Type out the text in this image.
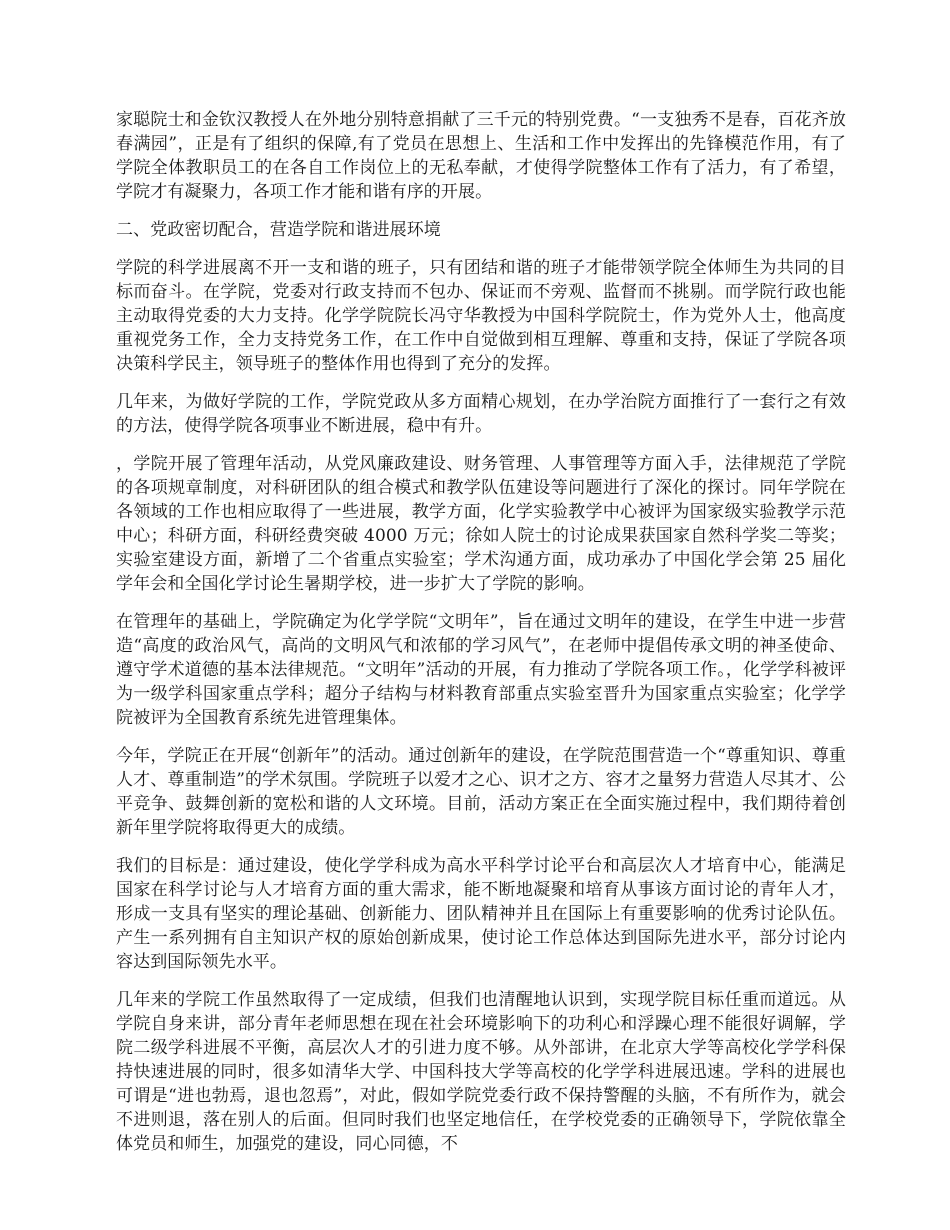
家聪院士和金钦汉教授人在外地分别特意捐献了三千元的特别党费。“一支独秀不是春，百花齐放春满园”，正是有了组织的保障,有了党员在思想上、生活和工作中发挥出的先锋模范作用，有了学院全体教职员工的在各自工作岗位上的无私奉献，才使得学院整体工作有了活力，有了希望，学院才有凝聚力，各项工作才能和谐有序的开展。

二、党政密切配合，营造学院和谐进展环境

学院的科学进展离不开一支和谐的班子，只有团结和谐的班子才能带领学院全体师生为共同的目标而奋斗。在学院，党委对行政支持而不包办、保证而不旁观、监督而不挑剔。而学院行政也能主动取得党委的大力支持。化学学院院长冯守华教授为中国科学院院士，作为党外人士，他高度重视党务工作，全力支持党务工作，在工作中自觉做到相互理解、尊重和支持，保证了学院各项决策科学民主，领导班子的整体作用也得到了充分的发挥。

几年来，为做好学院的工作，学院党政从多方面精心规划，在办学治院方面推行了一套行之有效的方法，使得学院各项事业不断进展，稳中有升。

，学院开展了管理年活动，从党风廉政建设、财务管理、人事管理等方面入手，法律规范了学院的各项规章制度，对科研团队的组合模式和教学队伍建设等问题进行了深化的探讨。同年学院在各领域的工作也相应取得了一些进展，教学方面，化学实验教学中心被评为国家级实验教学示范中心；科研方面，科研经费突破 4000 万元；徐如人院士的讨论成果获国家自然科学奖二等奖；实验室建设方面，新增了二个省重点实验室；学术沟通方面，成功承办了中国化学会第 25 届化学年会和全国化学讨论生暑期学校，进一步扩大了学院的影响。

在管理年的基础上，学院确定为化学学院“文明年”，旨在通过文明年的建设，在学生中进一步营造“高度的政治风气，高尚的文明风气和浓郁的学习风气”，在老师中提倡传承文明的神圣使命、遵守学术道德的基本法律规范。“文明年”活动的开展，有力推动了学院各项工作。，化学学科被评为一级学科国家重点学科；超分子结构与材料教育部重点实验室晋升为国家重点实验室；化学学院被评为全国教育系统先进管理集体。

今年，学院正在开展“创新年”的活动。通过创新年的建设，在学院范围营造一个“尊重知识、尊重人才、尊重制造”的学术氛围。学院班子以爱才之心、识才之方、容才之量努力营造人尽其才、公平竞争、鼓舞创新的宽松和谐的人文环境。目前，活动方案正在全面实施过程中，我们期待着创新年里学院将取得更大的成绩。

我们的目标是：通过建设，使化学学科成为高水平科学讨论平台和高层次人才培育中心，能满足国家在科学讨论与人才培育方面的重大需求，能不断地凝聚和培育从事该方面讨论的青年人才，形成一支具有坚实的理论基础、创新能力、团队精神并且在国际上有重要影响的优秀讨论队伍。产生一系列拥有自主知识产权的原始创新成果，使讨论工作总体达到国际先进水平，部分讨论内容达到国际领先水平。

几年来的学院工作虽然取得了一定成绩，但我们也清醒地认识到，实现学院目标任重而道远。从学院自身来讲，部分青年老师思想在现在社会环境影响下的功利心和浮躁心理不能很好调解，学院二级学科进展不平衡，高层次人才的引进力度不够。从外部讲，在北京大学等高校化学学科保持快速进展的同时，很多如清华大学、中国科技大学等高校的化学学科进展迅速。学科的进展也可谓是“进也勃焉，退也忽焉”，对此，假如学院党委行政不保持警醒的头脑，不有所作为，就会不进则退，落在别人的后面。但同时我们也坚定地信任，在学校党委的正确领导下，学院依靠全体党员和师生，加强党的建设，同心同德，不
